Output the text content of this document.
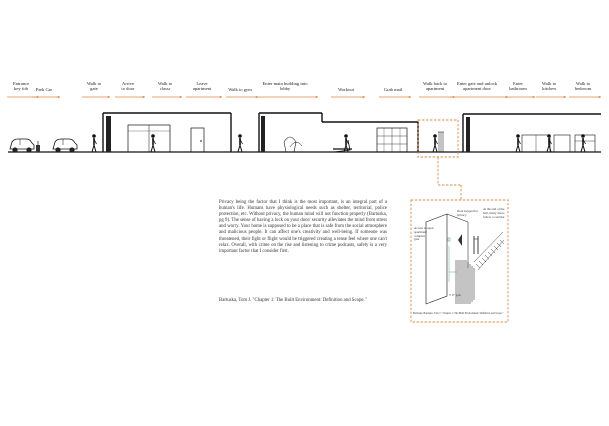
Entrance
key fob	Park Car
Walk to
gate
Arrive
to door
Walk to
classr
Leave
apartment	Walk to gym
Enter main building into
lobby	Workout	Grab mail
Walk back to
apartment
Enter gate and unlock
apartment door
Enter
bathroom
Walk to
kitchen
Walk to
bedroom
Privacy being the factor that I think is the most important, is an integral part of a human's life. Humans have physiological needs such as shelter, territorial, police protection, etc. Without privacy, the human mind will not function properly (Bartuska, pg 9). The sense of having a lock on your door/ security alleviates the mind from stress and worry. Your home is supposed to be a place that is safe from the social atmosphere and malicious people. It can affect one's creativity and well-being. If someone was threatened, their fight or flight would be triggered creating a tense feel where one can't relax. Overall, with crime on the rise and listening to crime podcasts, safety is a very important factor that I consider first.
Bartuska, Tom J. "Chapter 1: The Built Environment: Definition and Scope."
Door keypad for
privacy
At the end of the
hall, many doors
follow a corridor
Access to upon
apartment complex
gate
5' 6" gate
Bartuska, Bartuska, Tom J. "Chapter 1: The Built Environment: Definition and Scope."
